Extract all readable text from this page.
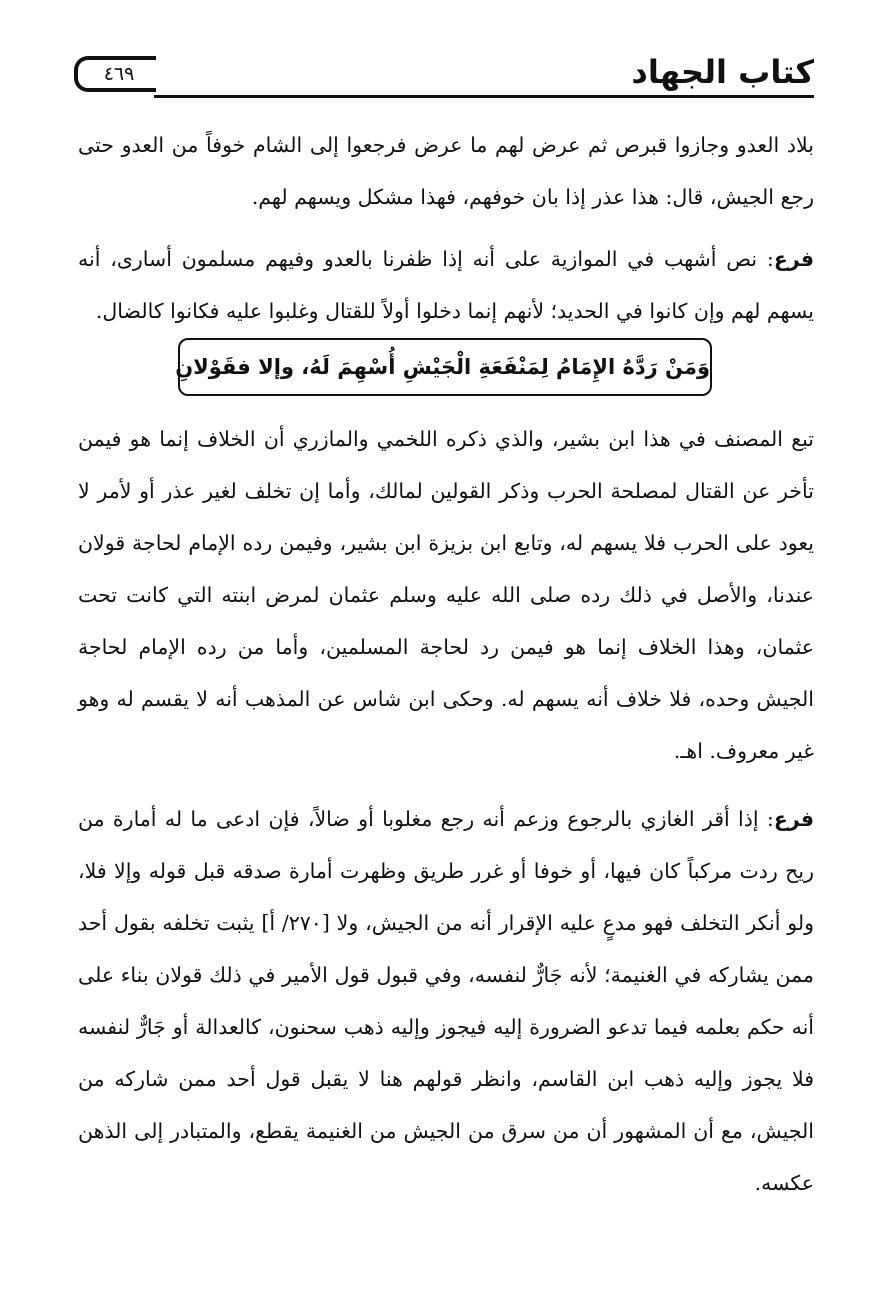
٤٦٩	كتاب الجهاد
بلاد العدو وجازوا قبرص ثم عرض لهم ما عرض فرجعوا إلى الشام خوفاً من العدو حتى رجع الجيش، قال: هذا عذر إذا بان خوفهم، فهذا مشكل ويسهم لهم.
فرع: نص أشهب في الموازية على أنه إذا ظفرنا بالعدو وفيهم مسلمون أسارى، أنه يسهم لهم وإن كانوا في الحديد؛ لأنهم إنما دخلوا أولاً للقتال وغلبوا عليه فكانوا كالضال.
وَمَنْ رَدَّهُ الإِمَامُ لِمَنْفَعَةِ الْجَيْشِ أُسْهِمَ لَهُ، وإلا فقَوْلانِ
تبع المصنف في هذا ابن بشير، والذي ذكره اللخمي والمازري أن الخلاف إنما هو فيمن تأخر عن القتال لمصلحة الحرب وذكر القولين لمالك، وأما إن تخلف لغير عذر أو لأمر لا يعود على الحرب فلا يسهم له، وتابع ابن بزيزة ابن بشير، وفيمن رده الإمام لحاجة قولان عندنا، والأصل في ذلك رده صلى الله عليه وسلم عثمان لمرض ابنته التي كانت تحت عثمان، وهذا الخلاف إنما هو فيمن رد لحاجة المسلمين، وأما من رده الإمام لحاجة الجيش وحده، فلا خلاف أنه يسهم له. وحكى ابن شاس عن المذهب أنه لا يقسم له وهو غير معروف. اهـ.
فرع: إذا أقر الغازي بالرجوع وزعم أنه رجع مغلوبا أو ضالاً، فإن ادعى ما له أمارة من ريح ردت مركباً كان فيها، أو خوفا أو غرر طريق وظهرت أمارة صدقه قبل قوله وإلا فلا، ولو أنكر التخلف فهو مدعٍ عليه الإقرار أنه من الجيش، ولا [٢٧٠/ أ] يثبت تخلفه بقول أحد ممن يشاركه في الغنيمة؛ لأنه جَارٌّ لنفسه، وفي قبول قول الأمير في ذلك قولان بناء على أنه حكم بعلمه فيما تدعو الضرورة إليه فيجوز وإليه ذهب سحنون، كالعدالة أو جَارٌّ لنفسه فلا يجوز وإليه ذهب ابن القاسم، وانظر قولهم هنا لا يقبل قول أحد ممن شاركه من الجيش، مع أن المشهور أن من سرق من الجيش من الغنيمة يقطع، والمتبادر إلى الذهن عكسه.
